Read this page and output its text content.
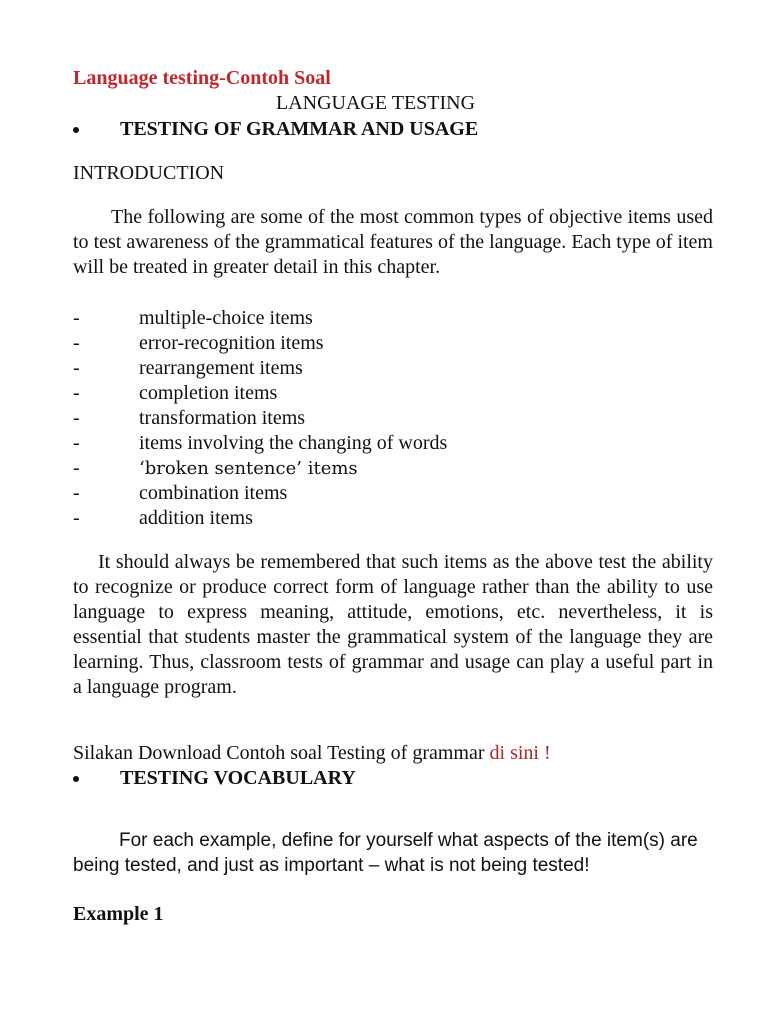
Language testing-Contoh Soal
LANGUAGE TESTING
TESTING OF GRAMMAR AND USAGE
INTRODUCTION
The following are some of the most common types of objective items used to test awareness of the grammatical features of the language. Each type of item will be treated in greater detail in this chapter.
-	multiple-choice items
-	error-recognition items
-	rearrangement items
-	completion items
-	transformation items
-	items involving the changing of words
-	‘broken sentence’ items
-	combination items
-	addition items
It should always be remembered that such items as the above test the ability to recognize or produce correct form of language rather than the ability to use language to express meaning, attitude, emotions, etc. nevertheless, it is essential that students master the grammatical system of the language they are learning. Thus, classroom tests of grammar and usage can play a useful part in a language program.
Silakan Download Contoh soal Testing of grammar di sini !
TESTING VOCABULARY
For each example, define for yourself what aspects of the item(s) are being tested, and just as important – what is not being tested!
Example 1
